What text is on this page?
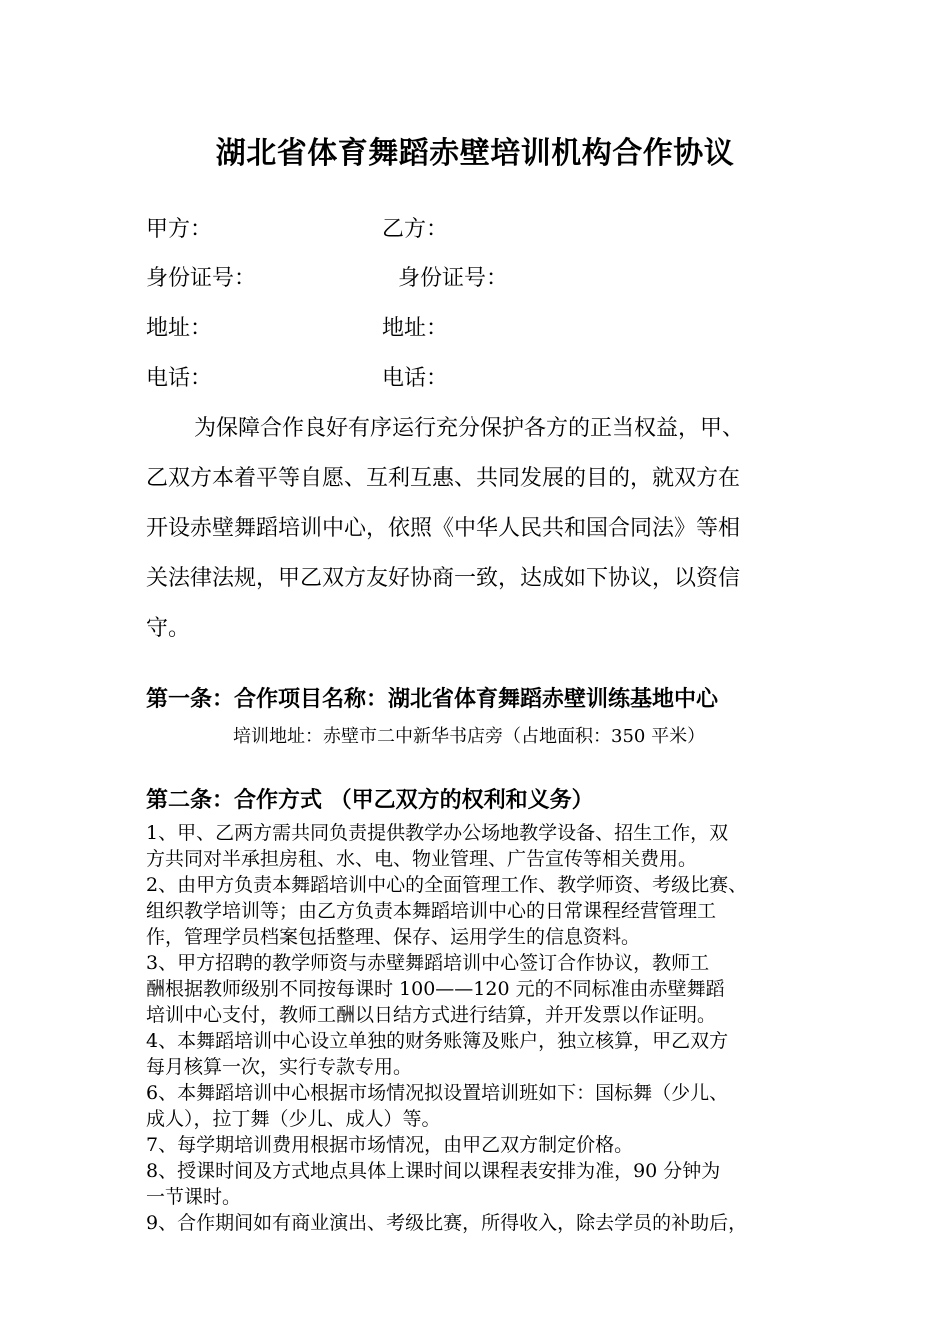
湖北省体育舞蹈赤壁培训机构合作协议
甲方：	乙方：
身份证号：	身份证号：
地址：	地址：
电话：	电话：
为保障合作良好有序运行充分保护各方的正当权益，甲、
乙双方本着平等自愿、互利互惠、共同发展的目的，就双方在
开设赤壁舞蹈培训中心，依照《中华人民共和国合同法》等相
关法律法规，甲乙双方友好协商一致，达成如下协议，以资信
守。
第一条：合作项目名称：湖北省体育舞蹈赤壁训练基地中心
培训地址：赤壁市二中新华书店旁（占地面积：350 平米）
第二条：合作方式 （甲乙双方的权利和义务）
1、甲、乙两方需共同负责提供教学办公场地教学设备、招生工作，双
方共同对半承担房租、水、电、物业管理、广告宣传等相关费用。
2、由甲方负责本舞蹈培训中心的全面管理工作、教学师资、考级比赛、
组织教学培训等；由乙方负责本舞蹈培训中心的日常课程经营管理工
作，管理学员档案包括整理、保存、运用学生的信息资料。
3、甲方招聘的教学师资与赤壁舞蹈培训中心签订合作协议，教师工
酬根据教师级别不同按每课时 100——120 元的不同标准由赤壁舞蹈
培训中心支付，教师工酬以日结方式进行结算，并开发票以作证明。
4、本舞蹈培训中心设立单独的财务账簿及账户，独立核算，甲乙双方
每月核算一次，实行专款专用。
6、本舞蹈培训中心根据市场情况拟设置培训班如下：国标舞（少儿、
成人），拉丁舞（少儿、成人）等。
7、每学期培训费用根据市场情况，由甲乙双方制定价格。
8、授课时间及方式地点具体上课时间以课程表安排为准，90 分钟为
一节课时。
9、合作期间如有商业演出、考级比赛，所得收入，除去学员的补助后，
